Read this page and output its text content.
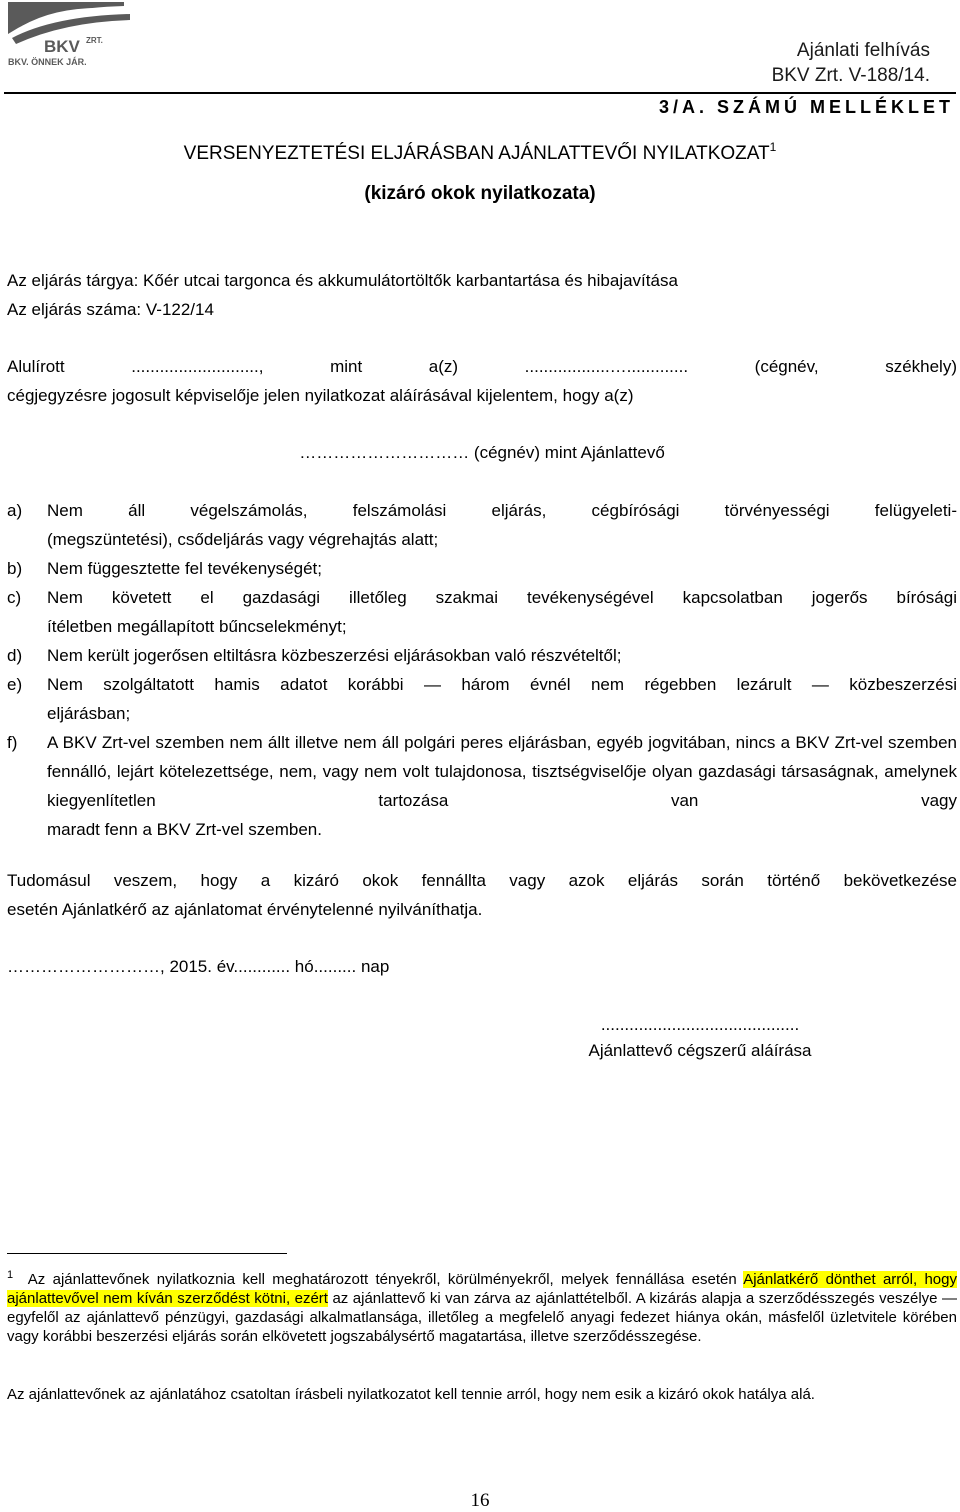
BKV ZRT.
BKV. ÖNNEK JÁR.
Ajánlati felhívás
BKV Zrt. V-188/14.
3/A. SZÁMÚ MELLÉKLET
VERSENYEZTETÉSI ELJÁRÁSBAN AJÁNLATTEVŐI NYILATKOZAT$^1$
(kizáró okok nyilatkozata)
Az eljárás tárgya: Kőér utcai targonca és akkumulátortöltők karbantartása és hibajavítása
Az eljárás száma: V-122/14
Alulírott ..........................., mint a(z) ..................…............. (cégnév, székhely)
cégjegyzésre jogosult képviselője jelen nyilatkozat aláírásával kijelentem, hogy a(z)
………………………… (cégnév) mint Ajánlattevő
a)	Nem áll végelszámolás, felszámolási eljárás, cégbírósági törvényességi felügyeleti-
(megszüntetési), csődeljárás vagy végrehajtás alatt;
b)	Nem függesztette fel tevékenységét;
c)	Nem követett el gazdasági illetőleg szakmai tevékenységével kapcsolatban jogerős bírósági
ítéletben megállapított bűncselekményt;
d)	Nem került jogerősen eltiltásra közbeszerzési eljárásokban való részvételtől;
e)	Nem szolgáltatott hamis adatot korábbi — három évnél nem régebben lezárult — közbeszerzési
eljárásban;
f)	A BKV Zrt-vel szemben nem állt illetve nem áll polgári peres eljárásban, egyéb jogvitában, nincs a BKV Zrt-vel szemben fennálló, lejárt kötelezettsége, nem, vagy nem volt tulajdonosa, tisztségviselője olyan gazdasági társaságnak, amelynek kiegyenlítetlen tartozása van vagy
maradt fenn a BKV Zrt-vel szemben.
Tudomásul veszem, hogy a kizáró okok fennállta vagy azok eljárás során történő bekövetkezése
esetén Ajánlatkérő az ajánlatomat érvénytelenné nyilváníthatja.
………………………, 2015. év............ hó......... nap
..........................................
Ajánlattevő cégszerű aláírása
$^1$ Az ajánlattevőnek nyilatkoznia kell meghatározott tényekről, körülményekről, melyek fennállása esetén Ajánlatkérő dönthet arról, hogy ajánlattevővel nem kíván szerződést kötni, ezért az ajánlattevő ki van zárva az ajánlattételből. A kizárás alapja a szerződésszegés veszélye — egyfelől az ajánlattevő pénzügyi, gazdasági alkalmatlansága, illetőleg a megfelelő anyagi fedezet hiánya okán, másfelől üzletvitele körében vagy korábbi beszerzési eljárás során elkövetett jogszabálysértő magatartása, illetve szerződésszegése.
Az ajánlattevőnek az ajánlatához csatoltan írásbeli nyilatkozatot kell tennie arról, hogy nem esik a kizáró okok hatálya alá.
16
